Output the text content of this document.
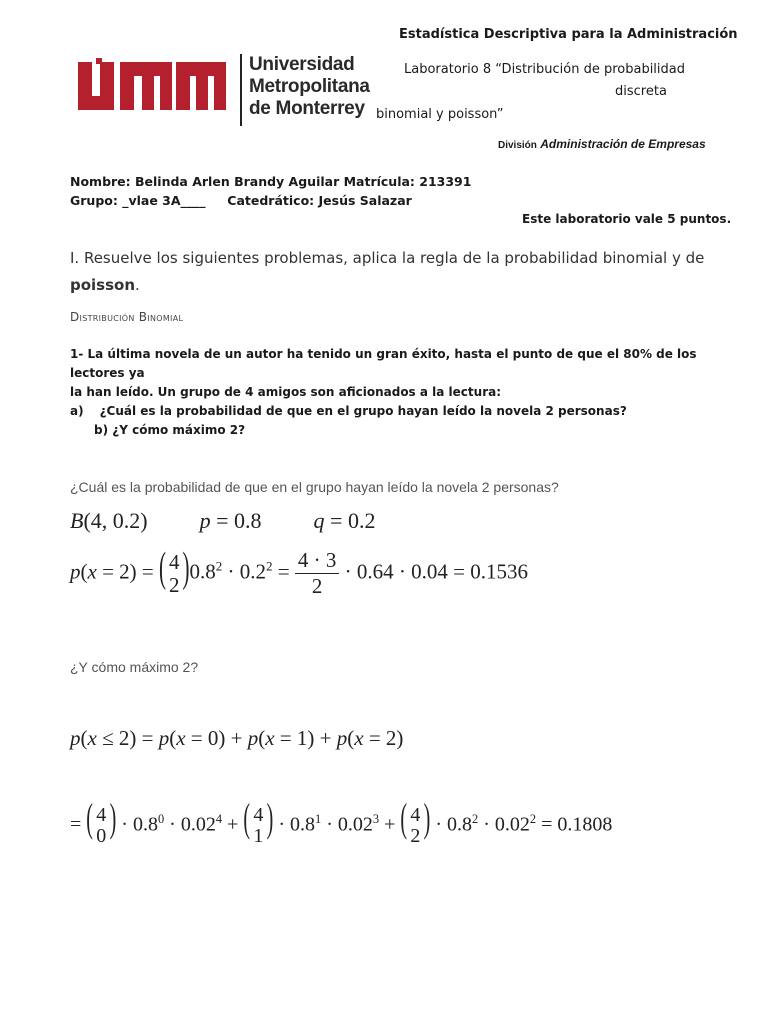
Estadística Descriptiva para la Administración
Universidad
Metropolitana
de Monterrey
Laboratorio 8 “Distribución de probabilidad
discreta
binomial y poisson”
División Administración de Empresas
Nombre: Belinda Arlen Brandy Aguilar Matrícula: 213391
Grupo: _vlae 3A____     Catedrático: Jesús Salazar
Este laboratorio vale 5 puntos.
I. Resuelve los siguientes problemas, aplica la regla de la probabilidad binomial y de
poisson.
Distribución Binomial
1- La última novela de un autor ha tenido un gran éxito, hasta el punto de que el 80% de los lectores ya
la han leído. Un grupo de 4 amigos son aficionados a la lectura:
a) ¿Cuál es la probabilidad de que en el grupo hayan leído la novela 2 personas?
b) ¿Y cómo máximo 2?
¿Cuál es la probabilidad de que en el grupo hayan leído la novela 2 personas?
B(4, 0.2) p = 0.8 q = 0.2
p(x = 2) = ( 4
2 ) $0.8^2 \cdot 0.2^2 = \frac{4 \cdot 3}{2} \cdot 0.64 \cdot 0.04 = 0.1536$
¿Y cómo máximo 2?
p(x ≤ 2) = p(x = 0) + p(x = 1) + p(x = 2)
= ( 4
0 ) · $0.8^0 \cdot 0.02^4$ + ( 4
1 ) · $0.8^1 \cdot 0.02^3$ + ( 4
2 ) · $0.8^2 \cdot 0.02^2 = 0.1808$
